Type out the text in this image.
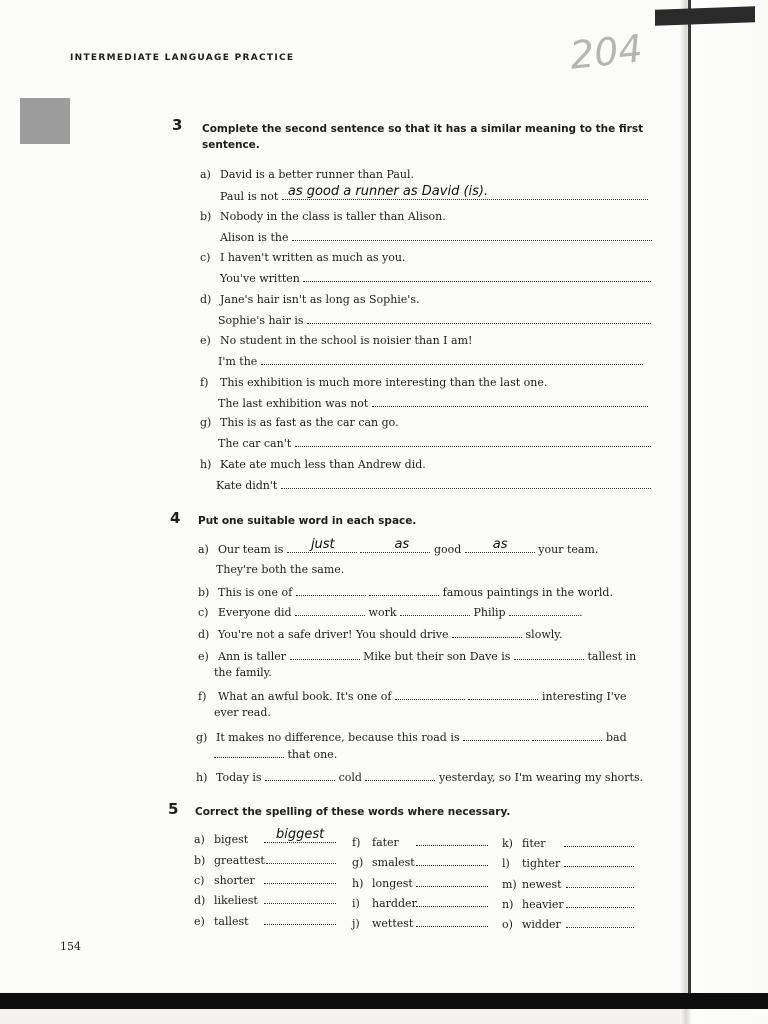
INTERMEDIATE LANGUAGE PRACTICE	204
154
3 Complete the second sentence so that it has a similar meaning to the first
sentence.
a) David is a better runner than Paul.
Paul is not as good a runner as David (is).
b) Nobody in the class is taller than Alison.
Alison is the
c) I haven't written as much as you.
You've written
d) Jane's hair isn't as long as Sophie's.
Sophie's hair is
e) No student in the school is noisier than I am!
I'm the
f) This exhibition is much more interesting than the last one.
The last exhibition was not
g) This is as fast as the car can go.
The car can't
h) Kate ate much less than Andrew did.
Kate didn't
4 Put one suitable word in each space.
a) Our team is just
	as good as	your team.
They're both the same.
b) This is one of	famous paintings in the world.
c) Everyone did	work	Philip	.
d) You're not a safe driver! You should drive	slowly.
e) Ann is taller	Mike but their son Dave is	tallest in
the family.
f) What an awful book. It's one of	interesting I've
ever read.
g) It makes no difference, because this road is	bad
that one.
h) Today is	cold	yesterday, so I'm wearing my shorts.
5 Correct the spelling of these words where necessary.
a) bigest biggest
b) greattest
c) shorter
d) likeliest
e) tallest
f) fater
g) smalest
h) longest
i) hardder
j) wettest
k) fiter
l) tighter
m) newest
n) heavier
o) widder
